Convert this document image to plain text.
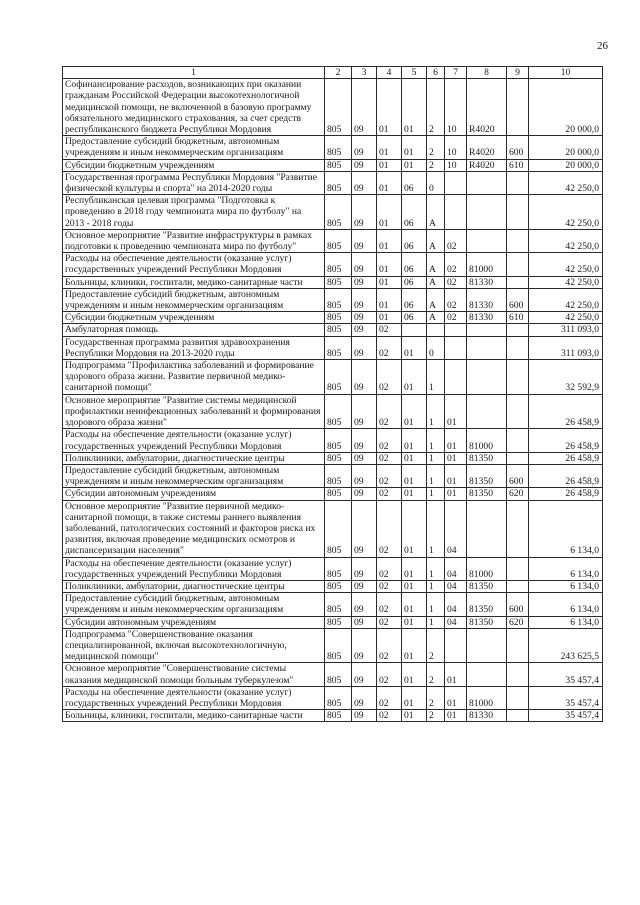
26
1	2	3	4	5	6	7	8	9	10
Софинансирование расходов, возникающих при оказании гражданам Российской Федерации высокотехнологичной медицинской помощи, не включенной в базовую программу обязательного медицинского страхования, за счет средств республиканского бюджета Республики Мордовия	805	09	01	01	2	10	R4020		20 000,0
Предоставление субсидий бюджетным, автономным учреждениям и иным некоммерческим организациям	805	09	01	01	2	10	R4020	600	20 000,0
Субсидии бюджетным учреждениям	805	09	01	01	2	10	R4020	610	20 000,0
Государственная программа Республики Мордовия "Развитие физической культуры и спорта" на 2014-2020 годы	805	09	01	06	0				42 250,0
Республиканская целевая программа "Подготовка к проведению в 2018 году чемпионата мира по футболу" на 2013 - 2018 годы	805	09	01	06	А				42 250,0
Основное мероприятие "Развитие инфраструктуры в рамках подготовки к проведению чемпионата мира по футболу"	805	09	01	06	А	02			42 250,0
Расходы на обеспечение деятельности (оказание услуг) государственных учреждений Республики Мордовия	805	09	01	06	А	02	81000		42 250,0
Больницы, клиники, госпитали, медико-санитарные части	805	09	01	06	А	02	81330		42 250,0
Предоставление субсидий бюджетным, автономным учреждениям и иным некоммерческим организациям	805	09	01	06	А	02	81330	600	42 250,0
Субсидии бюджетным учреждениям	805	09	01	06	А	02	81330	610	42 250,0
Амбулаторная помощь	805	09	02						311 093,0
Государственная программа развития здравоохранения Республики Мордовия на 2013-2020 годы	805	09	02	01	0				311 093,0
Подпрограмма "Профилактика заболеваний и формирование здорового образа жизни. Развитие первичной медико-санитарной помощи"	805	09	02	01	1				32 592,9
Основное мероприятие "Развитие системы медицинской профилактики неинфекционных заболеваний и формирования здорового образа жизни"	805	09	02	01	1	01			26 458,9
Расходы на обеспечение деятельности (оказание услуг) государственных учреждений Республики Мордовия	805	09	02	01	1	01	81000		26 458,9
Поликлиники, амбулатории, диагностические центры	805	09	02	01	1	01	81350		26 458,9
Предоставление субсидий бюджетным, автономным учреждениям и иным некоммерческим организациям	805	09	02	01	1	01	81350	600	26 458,9
Субсидии автономным учреждениям	805	09	02	01	1	01	81350	620	26 458,9
Основное мероприятие "Развитие первичной медико-санитарной помощи, в также системы раннего выявления заболеваний, патологических состояний и факторов риска их развития, включая проведение медицинских осмотров и диспансеризации населения"	805	09	02	01	1	04			6 134,0
Расходы на обеспечение деятельности (оказание услуг) государственных учреждений Республики Мордовия	805	09	02	01	1	04	81000		6 134,0
Поликлиники, амбулатории, диагностические центры	805	09	02	01	1	04	81350		6 134,0
Предоставление субсидий бюджетным, автономным учреждениям и иным некоммерческим организациям	805	09	02	01	1	04	81350	600	6 134,0
Субсидии автономным учреждениям	805	09	02	01	1	04	81350	620	6 134,0
Подпрограмма "Совершенствование оказания специализированной, включая высокотехнологичную, медицинской помощи"	805	09	02	01	2				243 625,5
Основное мероприятие "Совершенствование системы оказания медицинской помощи больным туберкулезом"	805	09	02	01	2	01			35 457,4
Расходы на обеспечение деятельности (оказание услуг) государственных учреждений Республики Мордовия	805	09	02	01	2	01	81000		35 457,4
Больницы, клиники, госпитали, медико-санитарные части	805	09	02	01	2	01	81330		35 457,4
